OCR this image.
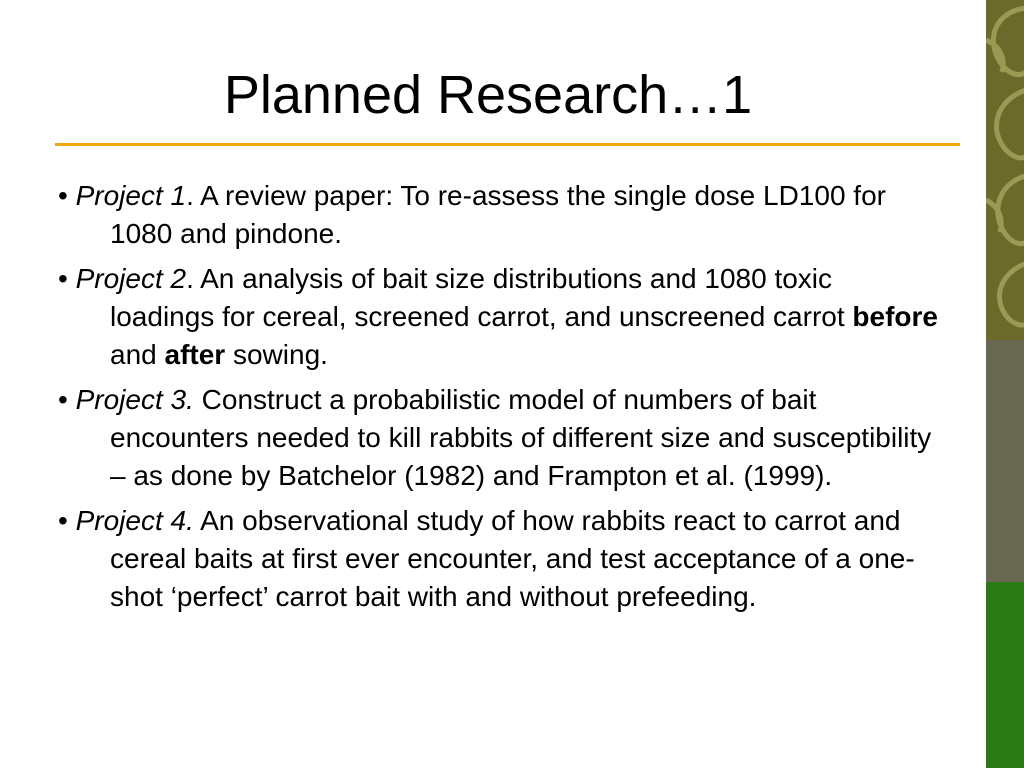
Planned Research…1

• Project 1. A review paper: To re-assess the single dose LD100 for 1080 and pindone.

• Project 2. An analysis of bait size distributions and 1080 toxic loadings for cereal, screened carrot, and unscreened carrot before and after sowing.

• Project 3. Construct a probabilistic model of numbers of bait encounters needed to kill rabbits of different size and susceptibility – as done by Batchelor (1982) and Frampton et al. (1999).

• Project 4. An observational study of how rabbits react to carrot and cereal baits at first ever encounter, and test acceptance of a one-shot ‘perfect’ carrot bait with and without prefeeding.
